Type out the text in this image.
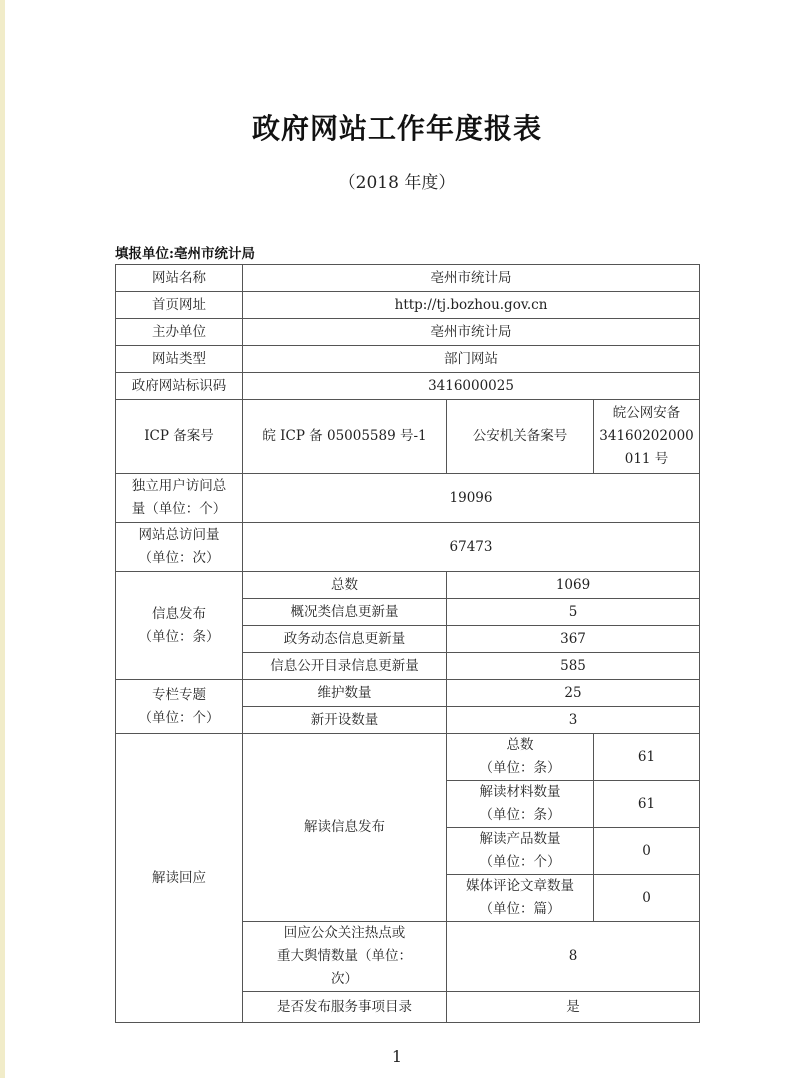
政府网站工作年度报表
（2018 年度）
填报单位:亳州市统计局
网站名称	亳州市统计局		
首页网址	http://tj.bozhou.gov.cn		
主办单位	亳州市统计局		
网站类型	部门网站		
政府网站标识码	3416000025		
ICP 备案号	皖 ICP 备 05005589 号-1	公安机关备案号	皖公网安备
34160202000
011 号

独立用户访问总
量（单位：个）	19096		

网站总访问量
（单位：次）	67473		

信息发布
（单位：条）	总数	1069	
	概况类信息更新量	5	
	政务动态信息更新量	367	
	信息公开目录信息更新量	585	

专栏专题
（单位：个）	维护数量	25	
	新开设数量	3	
解读回应	解读信息发布	总数
（单位：条）	61

		解读材料数量
（单位：条）	61

		解读产品数量
（单位：个）	0

		媒体评论文章数量
（单位：篇）	0

	回应公众关注热点或
重大舆情数量（单位：
次）	8	
	是否发布服务事项目录	是	
1
